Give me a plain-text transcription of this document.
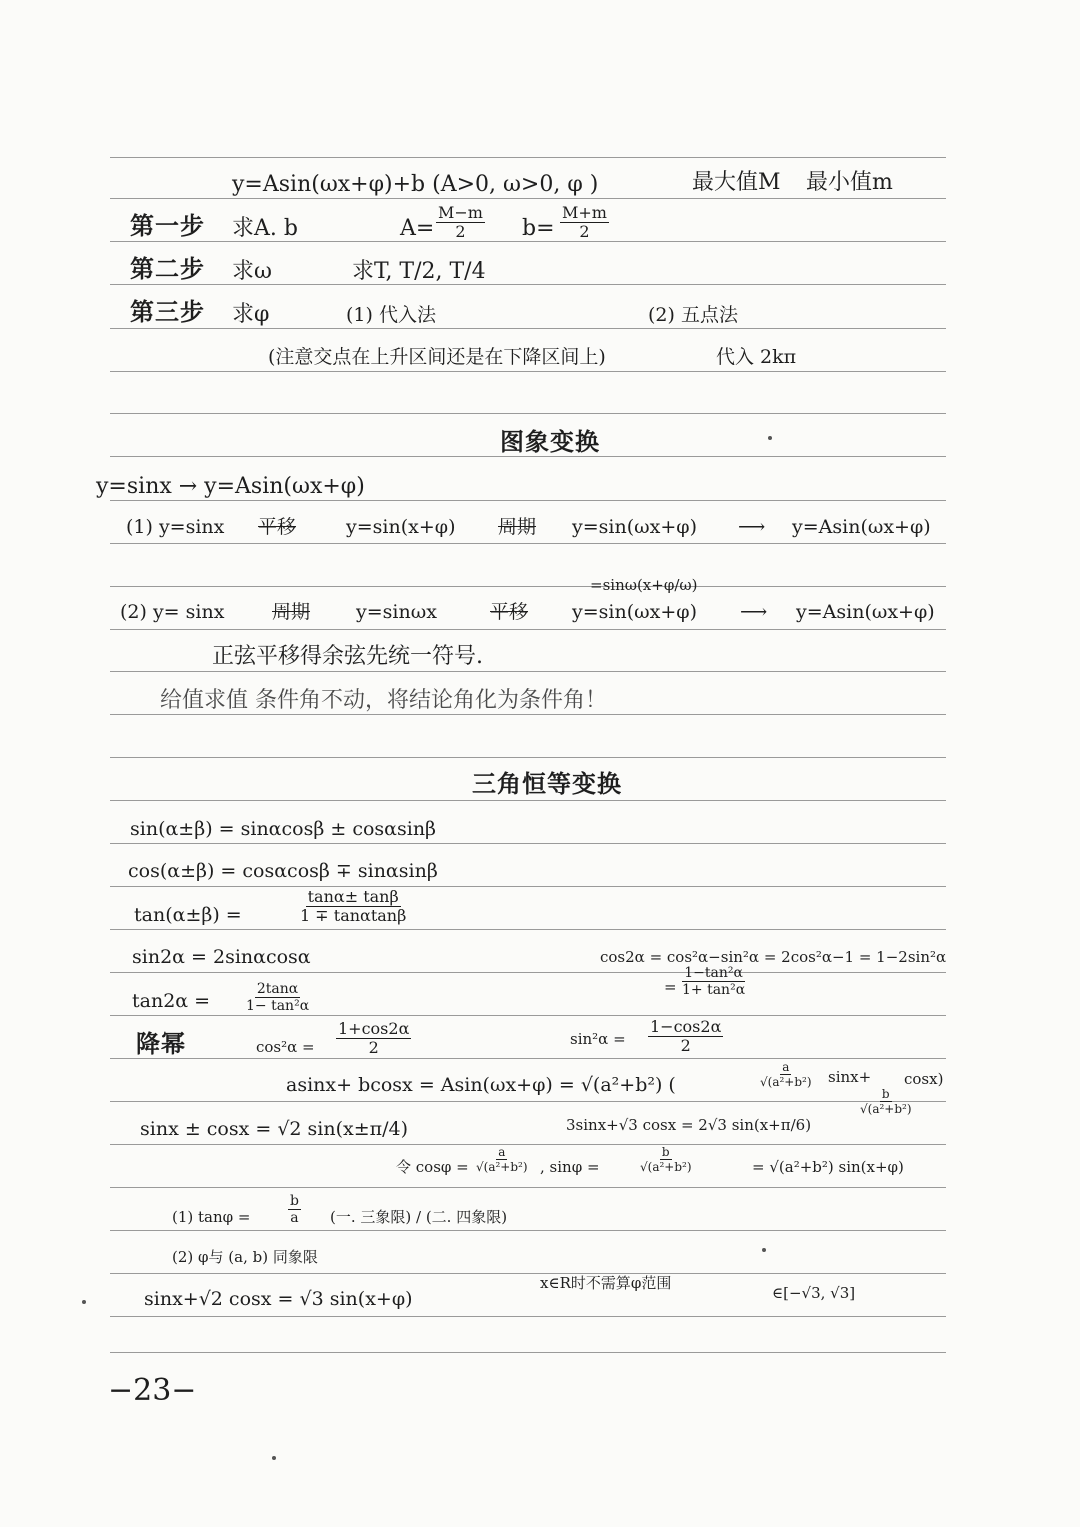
y=Asin(ωx+φ)+b (A>0, ω>0, φ )	最大值M 最小值m
第一步 求A. b	$A= \frac{M-m}{2} b= \frac{M+m}{2}$
第二步 求ω	求T, T/2, T/4
第三步 求φ	(1) 代入法	(2) 五点法
(注意交点在上升区间还是在下降区间上)	代入 2kπ
图象变换
y=sinx → y=Asin(ωx+φ)
(1) y=sinx 平移	y=sin(x+φ) 周期 y=sin(ωx+φ) ⟶ y=Asin(ωx+φ)
=sinω(x+φ/ω)
(2) y= sinx	周期 y=sinωx	平移 y=sin(ωx+φ) ⟶ y=Asin(ωx+φ)
正弦平移得余弦先统一符号.
给值求值 条件角不动，将结论角化为条件角！
三角恒等变换
sin(α±β) = sinαcosβ ± cosαsinβ
cos(α±β) = cosαcosβ ∓ sinαsinβ
tan(α±β) =	$\frac{\tan\alpha\pm \tan\beta}{1 \mp \tan\alpha\tan\beta}$
sin2α = 2sinαcosα	cos2α = cos²α−sin²α = 2cos²α−1 = 1−2sin²α
= $\frac{\text{1−tan²α}}{\text{1+ tan²α}}$
tan2α =	$\frac{2\tan\alpha}{\text{1− tan²α}}$
降幂	$\cos^2\alpha = \frac{1+\cos 2\alpha}{2}$	$\sin^2\alpha = \frac{1-\cos 2\alpha}{2}$
asinx+ bcosx = Asin(ωx+φ) = √(a²+b²) (	$\frac{a}{\text{√(a²+b²)}} \sin x+$
$\frac{b}{\text{√(a²+b²)}}$
cosx)
sinx ± cosx = √2 sin(x±π/4)	3sinx+√3 cosx = 2√3 sin(x+π/6)
令 $\cos\varphi = \frac{a}{\text{√(a²+b²)}}$ , sinφ =	$\frac{b}{\text{√(a²+b²)}}$	= √(a²+b²) sin(x+φ)
(1) tanφ =	$\frac{b}{a}$ (一. 三象限) / (二. 四象限)
(2) φ与 (a, b) 同象限
sinx+√2 cosx = √3 sin(x+φ)
x∈R时不需算φ范围
∈[−√3, √3]
−23−
